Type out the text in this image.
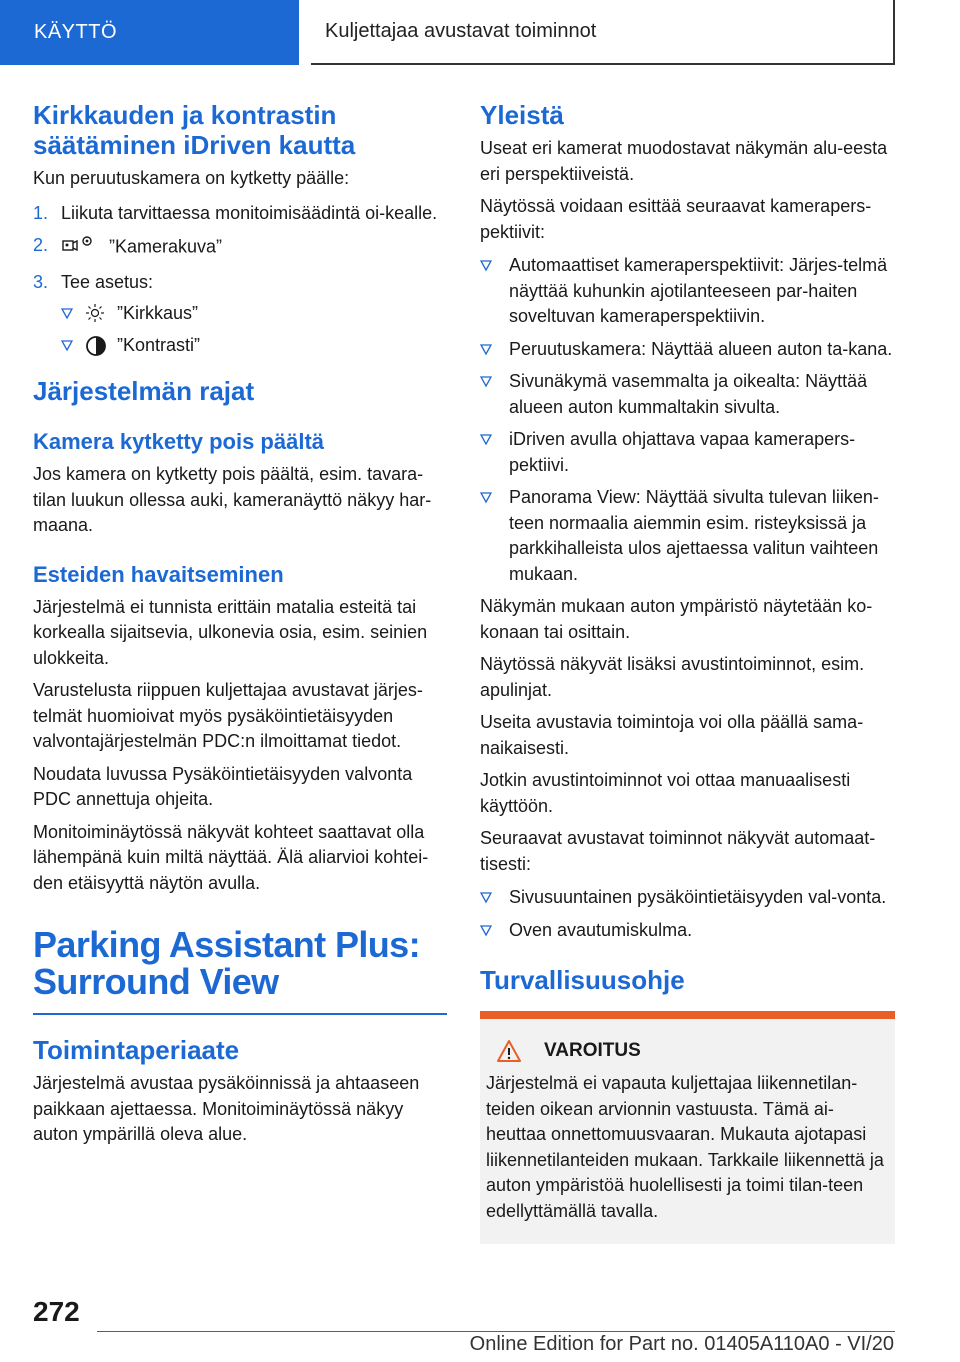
KÄYTTÖ	Kuljettajaa avustavat toiminnot
Kirkkauden ja kontrastin säätäminen iDriven kautta

Kun peruutuskamera on kytketty päälle:

1. Liikuta tarvittaessa monitoimisäädintä oi-kealle.
2.	”Kamerakuva”
3. Tee asetus:
”Kirkkaus”
”Kontrasti”
Järjestelmän rajat
Kamera kytketty pois päältä

Jos kamera on kytketty pois päältä, esim. tavara-tilan luukun ollessa auki, kameranäyttö näkyy har-maana.

Esteiden havaitseminen

Järjestelmä ei tunnista erittäin matalia esteitä tai korkealla sijaitsevia, ulkonevia osia, esim. seinien ulokkeita.

Varustelusta riippuen kuljettajaa avustavat järjes-telmät huomioivat myös pysäköintietäisyyden valvontajärjestelmän PDC:n ilmoittamat tiedot.

Noudata luvussa Pysäköintietäisyyden valvonta PDC annettuja ohjeita.

Monitoiminäytössä näkyvät kohteet saattavat olla lähempänä kuin miltä näyttää. Älä aliarvioi kohtei-den etäisyyttä näytön avulla.

Parking Assistant Plus: Surround View
Toimintaperiaate

Järjestelmä avustaa pysäköinnissä ja ahtaaseen paikkaan ajettaessa. Monitoiminäytössä näkyy auton ympärillä oleva alue.

Yleistä

Useat eri kamerat muodostavat näkymän alu-eesta eri perspektiiveistä.

Näytössä voidaan esittää seuraavat kamerapers-pektiivit:

Automaattiset kameraperspektiivit: Järjes-telmä näyttää kuhunkin ajotilanteeseen par-haiten soveltuvan kameraperspektiivin.
Peruutuskamera: Näyttää alueen auton ta-kana.
Sivunäkymä vasemmalta ja oikealta: Näyttää alueen auton kummaltakin sivulta.
iDriven avulla ohjattava vapaa kamerapers-pektiivi.
Panorama View: Näyttää sivulta tulevan liiken-teen normaalia aiemmin esim. risteyksissä ja parkkihalleista ulos ajettaessa valitun vaihteen mukaan.

Näkymän mukaan auton ympäristö näytetään ko-konaan tai osittain.

Näytössä näkyvät lisäksi avustintoiminnot, esim. apulinjat.

Useita avustavia toimintoja voi olla päällä sama-naikaisesti.

Jotkin avustintoiminnot voi ottaa manuaalisesti käyttöön.

Seuraavat avustavat toiminnot näkyvät automaat-tisesti:

Sivusuuntainen pysäköintietäisyyden val-vonta.
Oven avautumiskulma.
Turvallisuusohje
VAROITUS

Järjestelmä ei vapauta kuljettajaa liikennetilan-teiden oikean arvionnin vastuusta. Tämä ai-heuttaa onnettomuusvaaran. Mukauta ajotapasi liikennetilanteiden mukaan. Tarkkaile liikennettä ja auton ympäristöä huolellisesti ja toimi tilan-teen edellyttämällä tavalla.

272
Online Edition for Part no. 01405A110A0 - VI/20
